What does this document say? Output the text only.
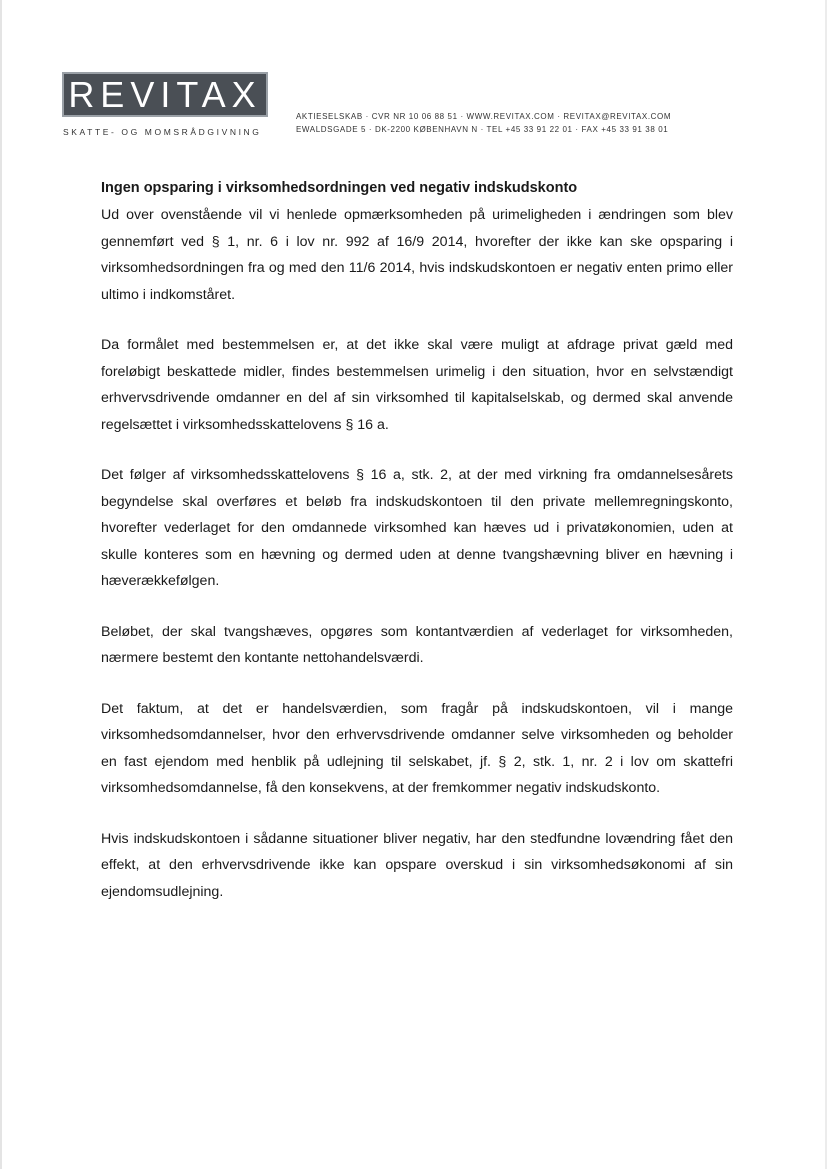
REVITAX
SKATTE- OG MOMSRÅDGIVNING
AKTIESELSKAB · CVR NR 10 06 88 51 · WWW.REVITAX.COM · REVITAX@REVITAX.COM
EWALDSGADE 5 · DK-2200 KØBENHAVN N · TEL +45 33 91 22 01 · FAX +45 33 91 38 01
Ingen opsparing i virksomhedsordningen ved negativ indskudskonto

Ud over ovenstående vil vi henlede opmærksomheden på urimeligheden i ændringen som blev gennemført ved § 1, nr. 6 i lov nr. 992 af 16/9 2014, hvorefter der ikke kan ske opsparing i virksomhedsordningen fra og med den 11/6 2014, hvis indskudskontoen er negativ enten primo eller ultimo i indkomståret.

Da formålet med bestemmelsen er, at det ikke skal være muligt at afdrage privat gæld med foreløbigt beskattede midler, findes bestemmelsen urimelig i den situation, hvor en selvstændigt erhvervsdrivende omdanner en del af sin virksomhed til kapitalselskab, og dermed skal anvende regelsættet i virksomhedsskattelovens § 16 a.

Det følger af virksomhedsskattelovens § 16 a, stk. 2, at der med virkning fra omdannelsesårets begyndelse skal overføres et beløb fra indskudskontoen til den private mellemregningskonto, hvorefter vederlaget for den omdannede virksomhed kan hæves ud i privatøkonomien, uden at skulle konteres som en hævning og dermed uden at denne tvangshævning bliver en hævning i hæverækkefølgen.

Beløbet, der skal tvangshæves, opgøres som kontantværdien af vederlaget for virksomheden, nærmere bestemt den kontante nettohandelsværdi.

Det faktum, at det er handelsværdien, som fragår på indskudskontoen, vil i mange virksomhedsomdannelser, hvor den erhvervsdrivende omdanner selve virksomheden og beholder en fast ejendom med henblik på udlejning til selskabet, jf. § 2, stk. 1, nr. 2 i lov om skattefri virksomhedsomdannelse, få den konsekvens, at der fremkommer negativ indskudskonto.

Hvis indskudskontoen i sådanne situationer bliver negativ, har den stedfundne lovændring fået den effekt, at den erhvervsdrivende ikke kan opspare overskud i sin virksomhedsøkonomi af sin ejendomsudlejning.
